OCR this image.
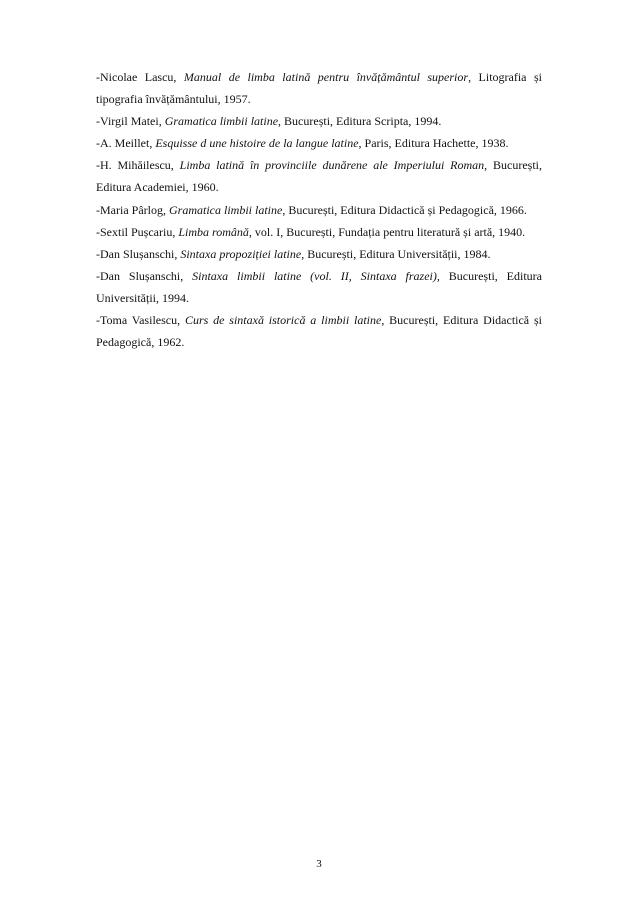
-Nicolae Lascu, Manual de limba latină pentru învățământul superior, Litografia și tipografia învățământului, 1957.

-Virgil Matei, Gramatica limbii latine, București, Editura Scripta, 1994.

-A. Meillet, Esquisse d une histoire de la langue latine, Paris, Editura Hachette, 1938.

-H. Mihăilescu, Limba latină în provinciile dunărene ale Imperiului Roman, București, Editura Academiei, 1960.

-Maria Pârlog, Gramatica limbii latine, București, Editura Didactică și Pedagogică, 1966.

-Sextil Pușcariu, Limba română, vol. I, București, Fundația pentru literatură și artă, 1940.

-Dan Slușanschi, Sintaxa propoziției latine, București, Editura Universității, 1984.

-Dan Slușanschi, Sintaxa limbii latine (vol. II, Sintaxa frazei), București, Editura Universității, 1994.

-Toma Vasilescu, Curs de sintaxă istorică a limbii latine, București, Editura Didactică și Pedagogică, 1962.

3
